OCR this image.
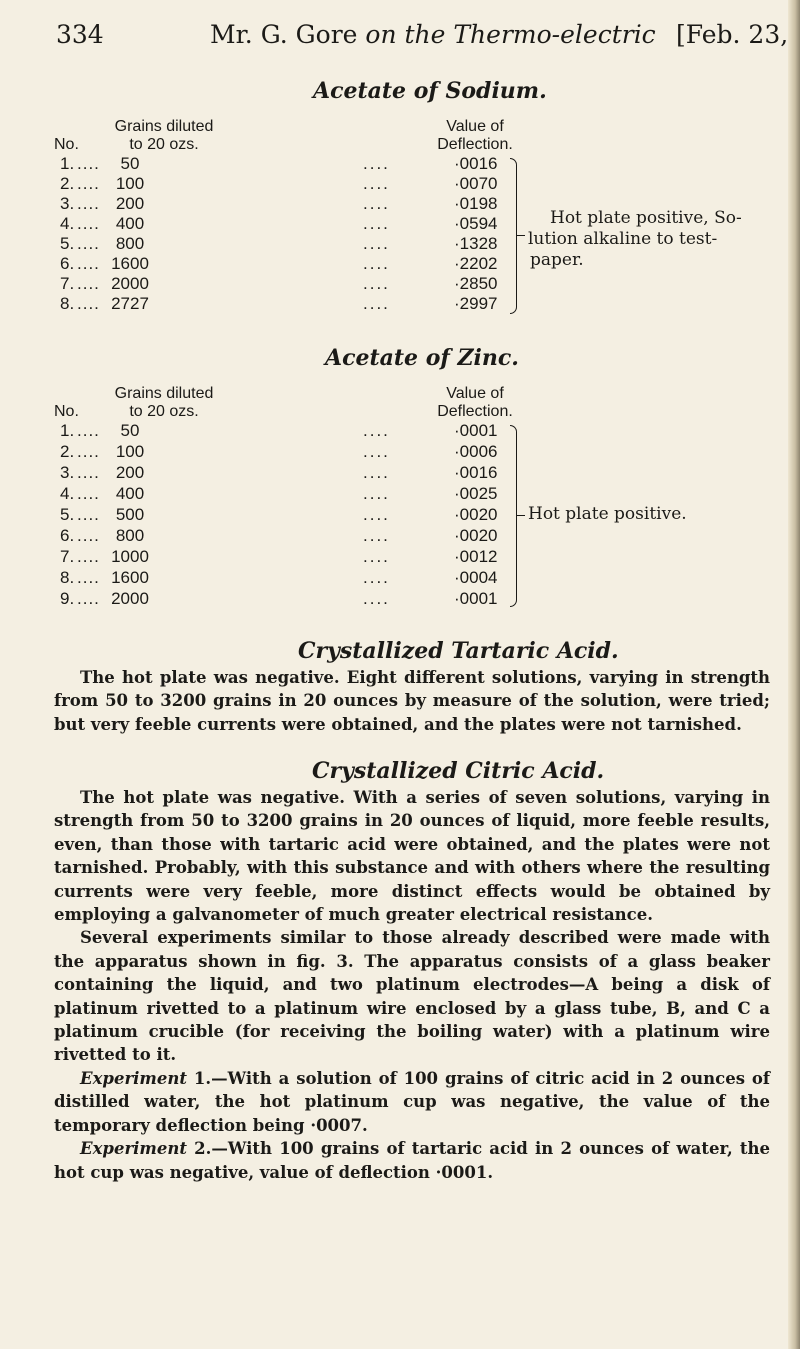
334	Mr. G. Gore on the Thermo-electric [Feb. 23,
Acetate of Sodium.
Grains diluted
to 20 ozs.
No.
Value of
Deflection.
1. ....	50	....	·0016
2. .... 100	....	·0070
3. .... 200	....	·0198
4. .... 400	....	·0594
5. .... 800	....	·1328
6. .... 1600	....	·2202
7. .... 2000	....	·2850
8. .... 2727	....	·2997
Hot plate positive, So-
lution alkaline to test-
paper.
Acetate of Zinc.
Grains diluted
to 20 ozs.
No.
Value of
Deflection.
1. ....	50	....	·0001
2. .... 100	....	·0006
3. .... 200	....	·0016
4. .... 400	....	·0025
5. .... 500	....	·0020
6. .... 800	....	·0020
7. .... 1000	....	·0012
8. .... 1600	....	·0004
9. .... 2000	....	·0001
Hot plate positive.
Crystallized Tartaric Acid.

The hot plate was negative. Eight different solutions, varying in strength from 50 to 3200 grains in 20 ounces by measure of the solution, were tried; but very feeble currents were obtained, and the plates were not tarnished.

Crystallized Citric Acid.

The hot plate was negative. With a series of seven solutions, varying in strength from 50 to 3200 grains in 20 ounces of liquid, more feeble results, even, than those with tartaric acid were obtained, and the plates were not tarnished. Probably, with this substance and with others where the resulting currents were very feeble, more distinct effects would be obtained by employing a galvanometer of much greater electrical resistance.

Several experiments similar to those already described were made with the apparatus shown in fig. 3. The apparatus consists of a glass beaker containing the liquid, and two platinum electrodes—A being a disk of platinum rivetted to a platinum wire enclosed by a glass tube, B, and C a platinum crucible (for receiving the boiling water) with a platinum wire rivetted to it.

Experiment 1.—With a solution of 100 grains of citric acid in 2 ounces of distilled water, the hot platinum cup was negative, the value of the temporary deflection being ·0007.

Experiment 2.—With 100 grains of tartaric acid in 2 ounces of water, the hot cup was negative, value of deflection ·0001.
